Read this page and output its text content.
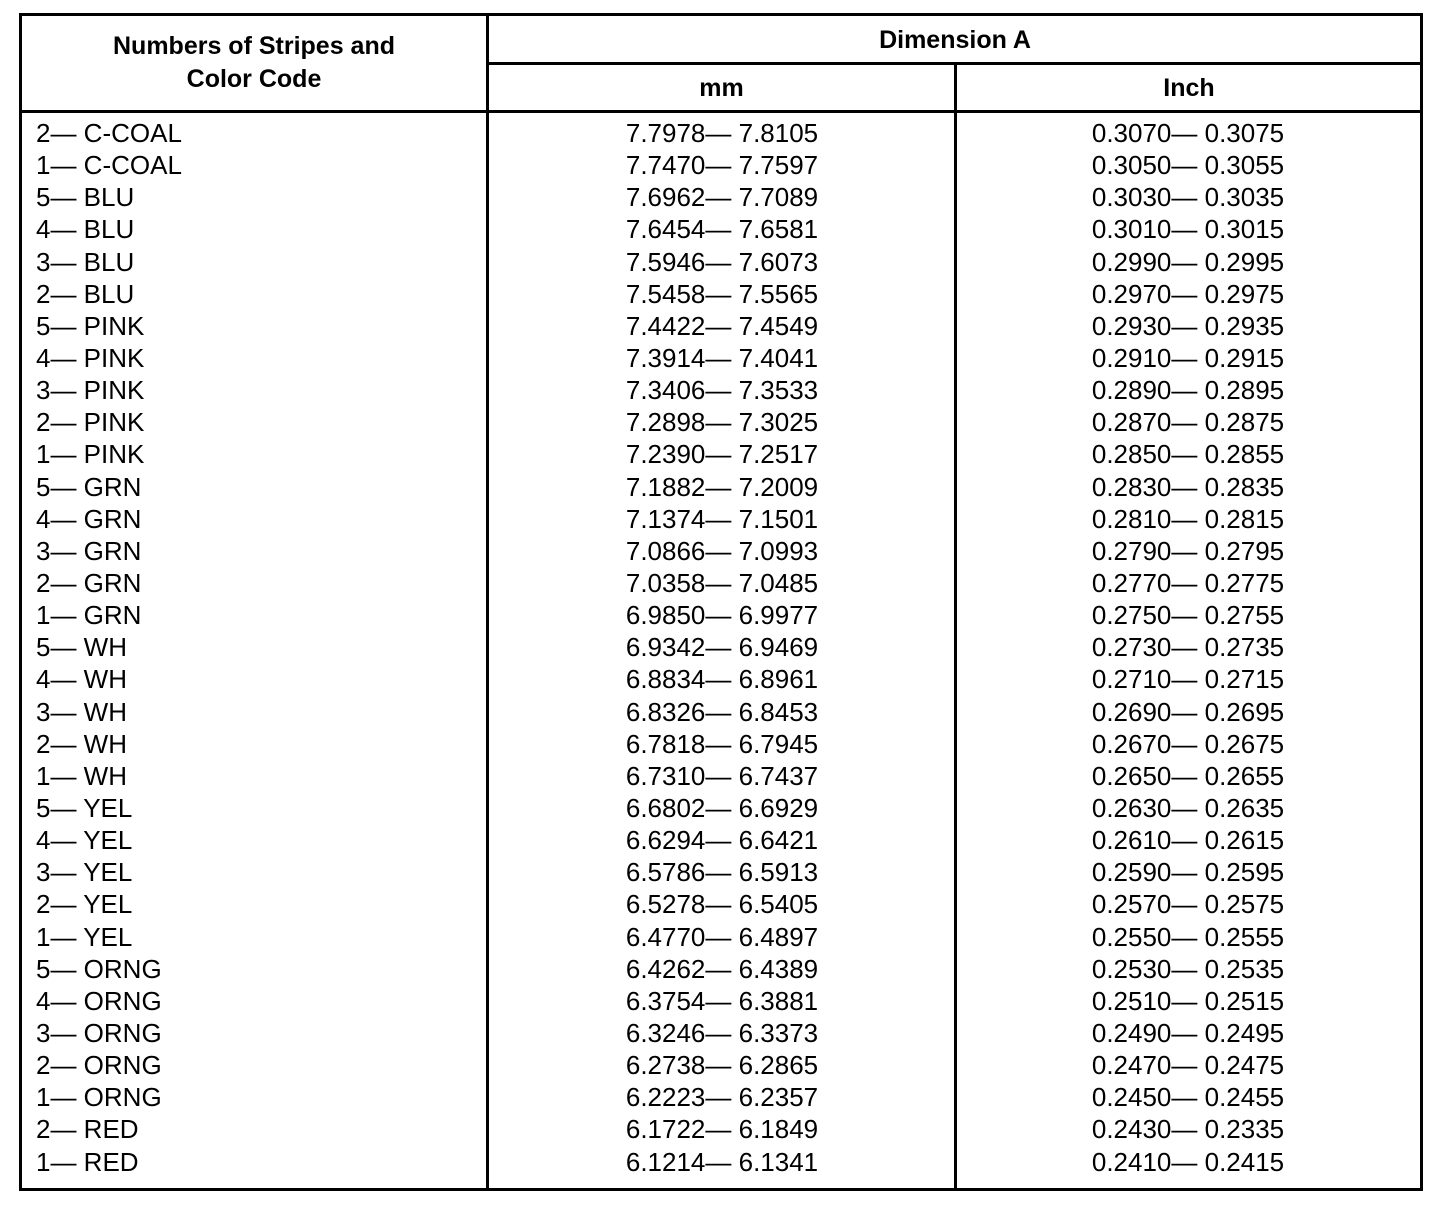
Numbers of Stripes and
Color Code
Dimension A
mm	Inch
2— C-COAL	7.7978— 7.8105	0.3070— 0.3075
1— C-COAL	7.7470— 7.7597	0.3050— 0.3055
5— BLU	7.6962— 7.7089	0.3030— 0.3035
4— BLU	7.6454— 7.6581	0.3010— 0.3015
3— BLU	7.5946— 7.6073	0.2990— 0.2995
2— BLU	7.5458— 7.5565	0.2970— 0.2975
5— PINK	7.4422— 7.4549	0.2930— 0.2935
4— PINK	7.3914— 7.4041	0.2910— 0.2915
3— PINK	7.3406— 7.3533	0.2890— 0.2895
2— PINK	7.2898— 7.3025	0.2870— 0.2875
1— PINK	7.2390— 7.2517	0.2850— 0.2855
5— GRN	7.1882— 7.2009	0.2830— 0.2835
4— GRN	7.1374— 7.1501	0.2810— 0.2815
3— GRN	7.0866— 7.0993	0.2790— 0.2795
2— GRN	7.0358— 7.0485	0.2770— 0.2775
1— GRN	6.9850— 6.9977	0.2750— 0.2755
5— WH	6.9342— 6.9469	0.2730— 0.2735
4— WH	6.8834— 6.8961	0.2710— 0.2715
3— WH	6.8326— 6.8453	0.2690— 0.2695
2— WH	6.7818— 6.7945	0.2670— 0.2675
1— WH	6.7310— 6.7437	0.2650— 0.2655
5— YEL	6.6802— 6.6929	0.2630— 0.2635
4— YEL	6.6294— 6.6421	0.2610— 0.2615
3— YEL	6.5786— 6.5913	0.2590— 0.2595
2— YEL	6.5278— 6.5405	0.2570— 0.2575
1— YEL	6.4770— 6.4897	0.2550— 0.2555
5— ORNG	6.4262— 6.4389	0.2530— 0.2535
4— ORNG	6.3754— 6.3881	0.2510— 0.2515
3— ORNG	6.3246— 6.3373	0.2490— 0.2495
2— ORNG	6.2738— 6.2865	0.2470— 0.2475
1— ORNG	6.2223— 6.2357	0.2450— 0.2455
2— RED	6.1722— 6.1849	0.2430— 0.2335
1— RED	6.1214— 6.1341	0.2410— 0.2415
